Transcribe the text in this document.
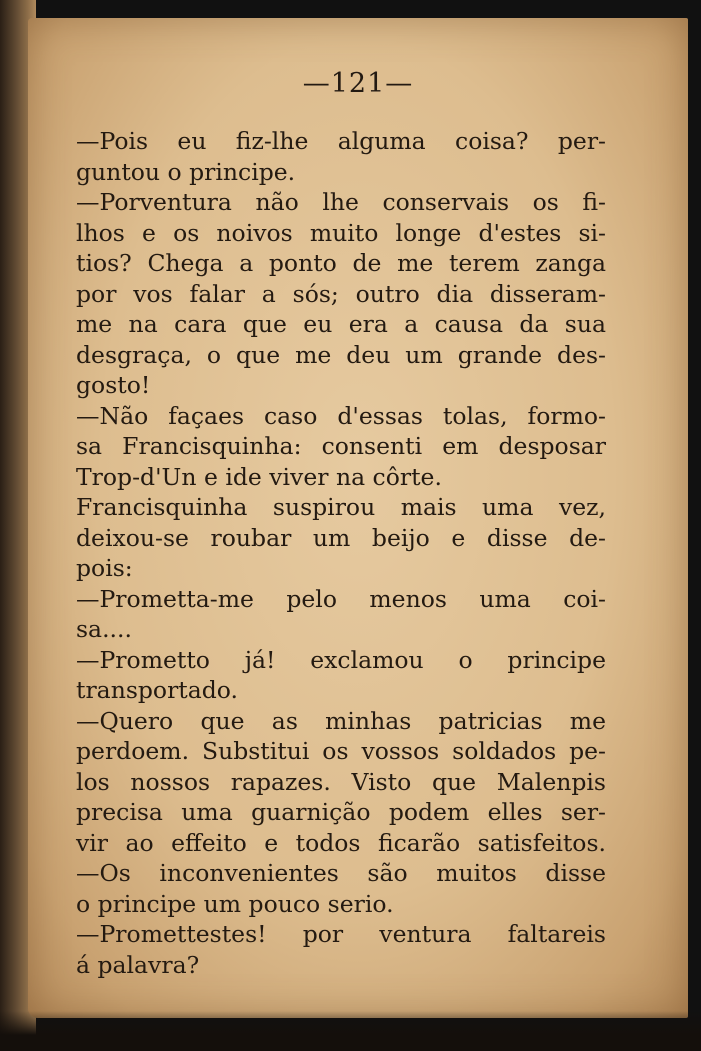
—121—
—Pois eu fiz-lhe alguma coisa? per-
guntou o principe.
—Porventura não lhe conservais os fi-
lhos e os noivos muito longe d'estes si-
tios? Chega a ponto de me terem zanga
por vos falar a sós; outro dia disseram-
me na cara que eu era a causa da sua
desgraça, o que me deu um grande des-
gosto!
—Não façaes caso d'essas tolas, formo-
sa Francisquinha: consenti em desposar
Trop-d'Un e ide viver na côrte.
Francisquinha suspirou mais uma vez,
deixou-se roubar um beijo e disse de-
pois:
—Prometta-me pelo menos uma coi-
sa....
—Prometto já! exclamou o principe
transportado.
—Quero que as minhas patricias me
perdoem. Substitui os vossos soldados pe-
los nossos rapazes. Visto que Malenpis
precisa uma guarnição podem elles ser-
vir ao effeito e todos ficarão satisfeitos.
—Os inconvenientes são muitos disse
o principe um pouco serio.
—Promettestes! por ventura faltareis
á palavra?
